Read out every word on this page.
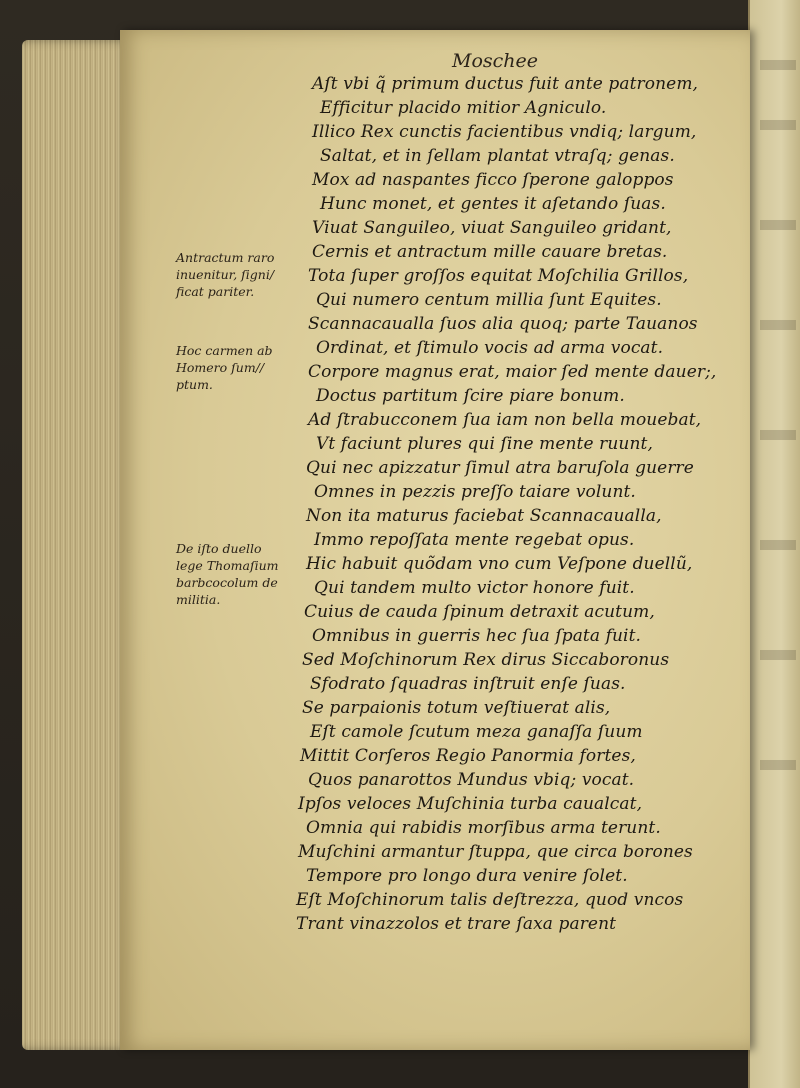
Moschee
Aſt vbi q̃ primum ductus fuit ante patronem,
Efficitur placido mitior Agniculo.
Illico Rex cunctis facientibus vndiq; largum,
Saltat, et in ſellam plantat vtraſq; genas.
Mox ad naspantes ficco ſperone galoppos
Hunc monet, et gentes it aſetando ſuas.
Viuat Sanguileo, viuat Sanguileo gridant,
Cernis et antractum mille cauare bretas.
Tota ſuper groſſos equitat Moſchilia Grillos,
Qui numero centum millia ſunt Equites.
Scannacauallа ſuos alia quoq; parte Tauanos
Ordinat, et ſtimulo vocis ad arma vocat.
Corpore magnus erat, maior ſed mente dauer;,
Doctus partitum ſcire piare bonum.
Ad ſtrabucconem ſua iam non bella mouebat,
Vt faciunt plures qui ſine mente ruunt,
Qui nec apizzatur ſimul atra baruſola guerre
Omnes in pezzis preſſo taiare volunt.
Non ita maturus faciebat Scannacaualla,
Immo repoſſata mente regebat opus.
Hic habuit quõdam vno cum Veſpone duellũ,
Qui tandem multo victor honore fuit.
Cuius de cauda ſpinum detraxit acutum,
Omnibus in guerris hec ſua ſpata fuit.
Sed Moſchinorum Rex dirus Siccaboronus
Sfodrato ſquadras inſtruit enſe ſuas.
Se parpaionis totum veſtiuerat alis,
Eſt camole ſcutum meza ganaſſa ſuum
Mittit Corſeros Regio Panormia fortes,
Quos panarottos Mundus vbiq; vocat.
Ipſos veloces Muſchinia turba caualcat,
Omnia qui rabidis morſibus arma terunt.
Muſchini armantur ſtuppa, que circa borones
Tempore pro longo dura venire ſolet.
Eſt Moſchinorum talis deſtrezza, quod vncos
Trant vinazzolos et trare ſaxa parent
Antractum raro
inuenitur, ſigni/
ficat pariter.
Hoc carmen ab
Homero ſum//
ptum.
De iſto duello
lege Thomaſium
barbcocolum de
militia.
